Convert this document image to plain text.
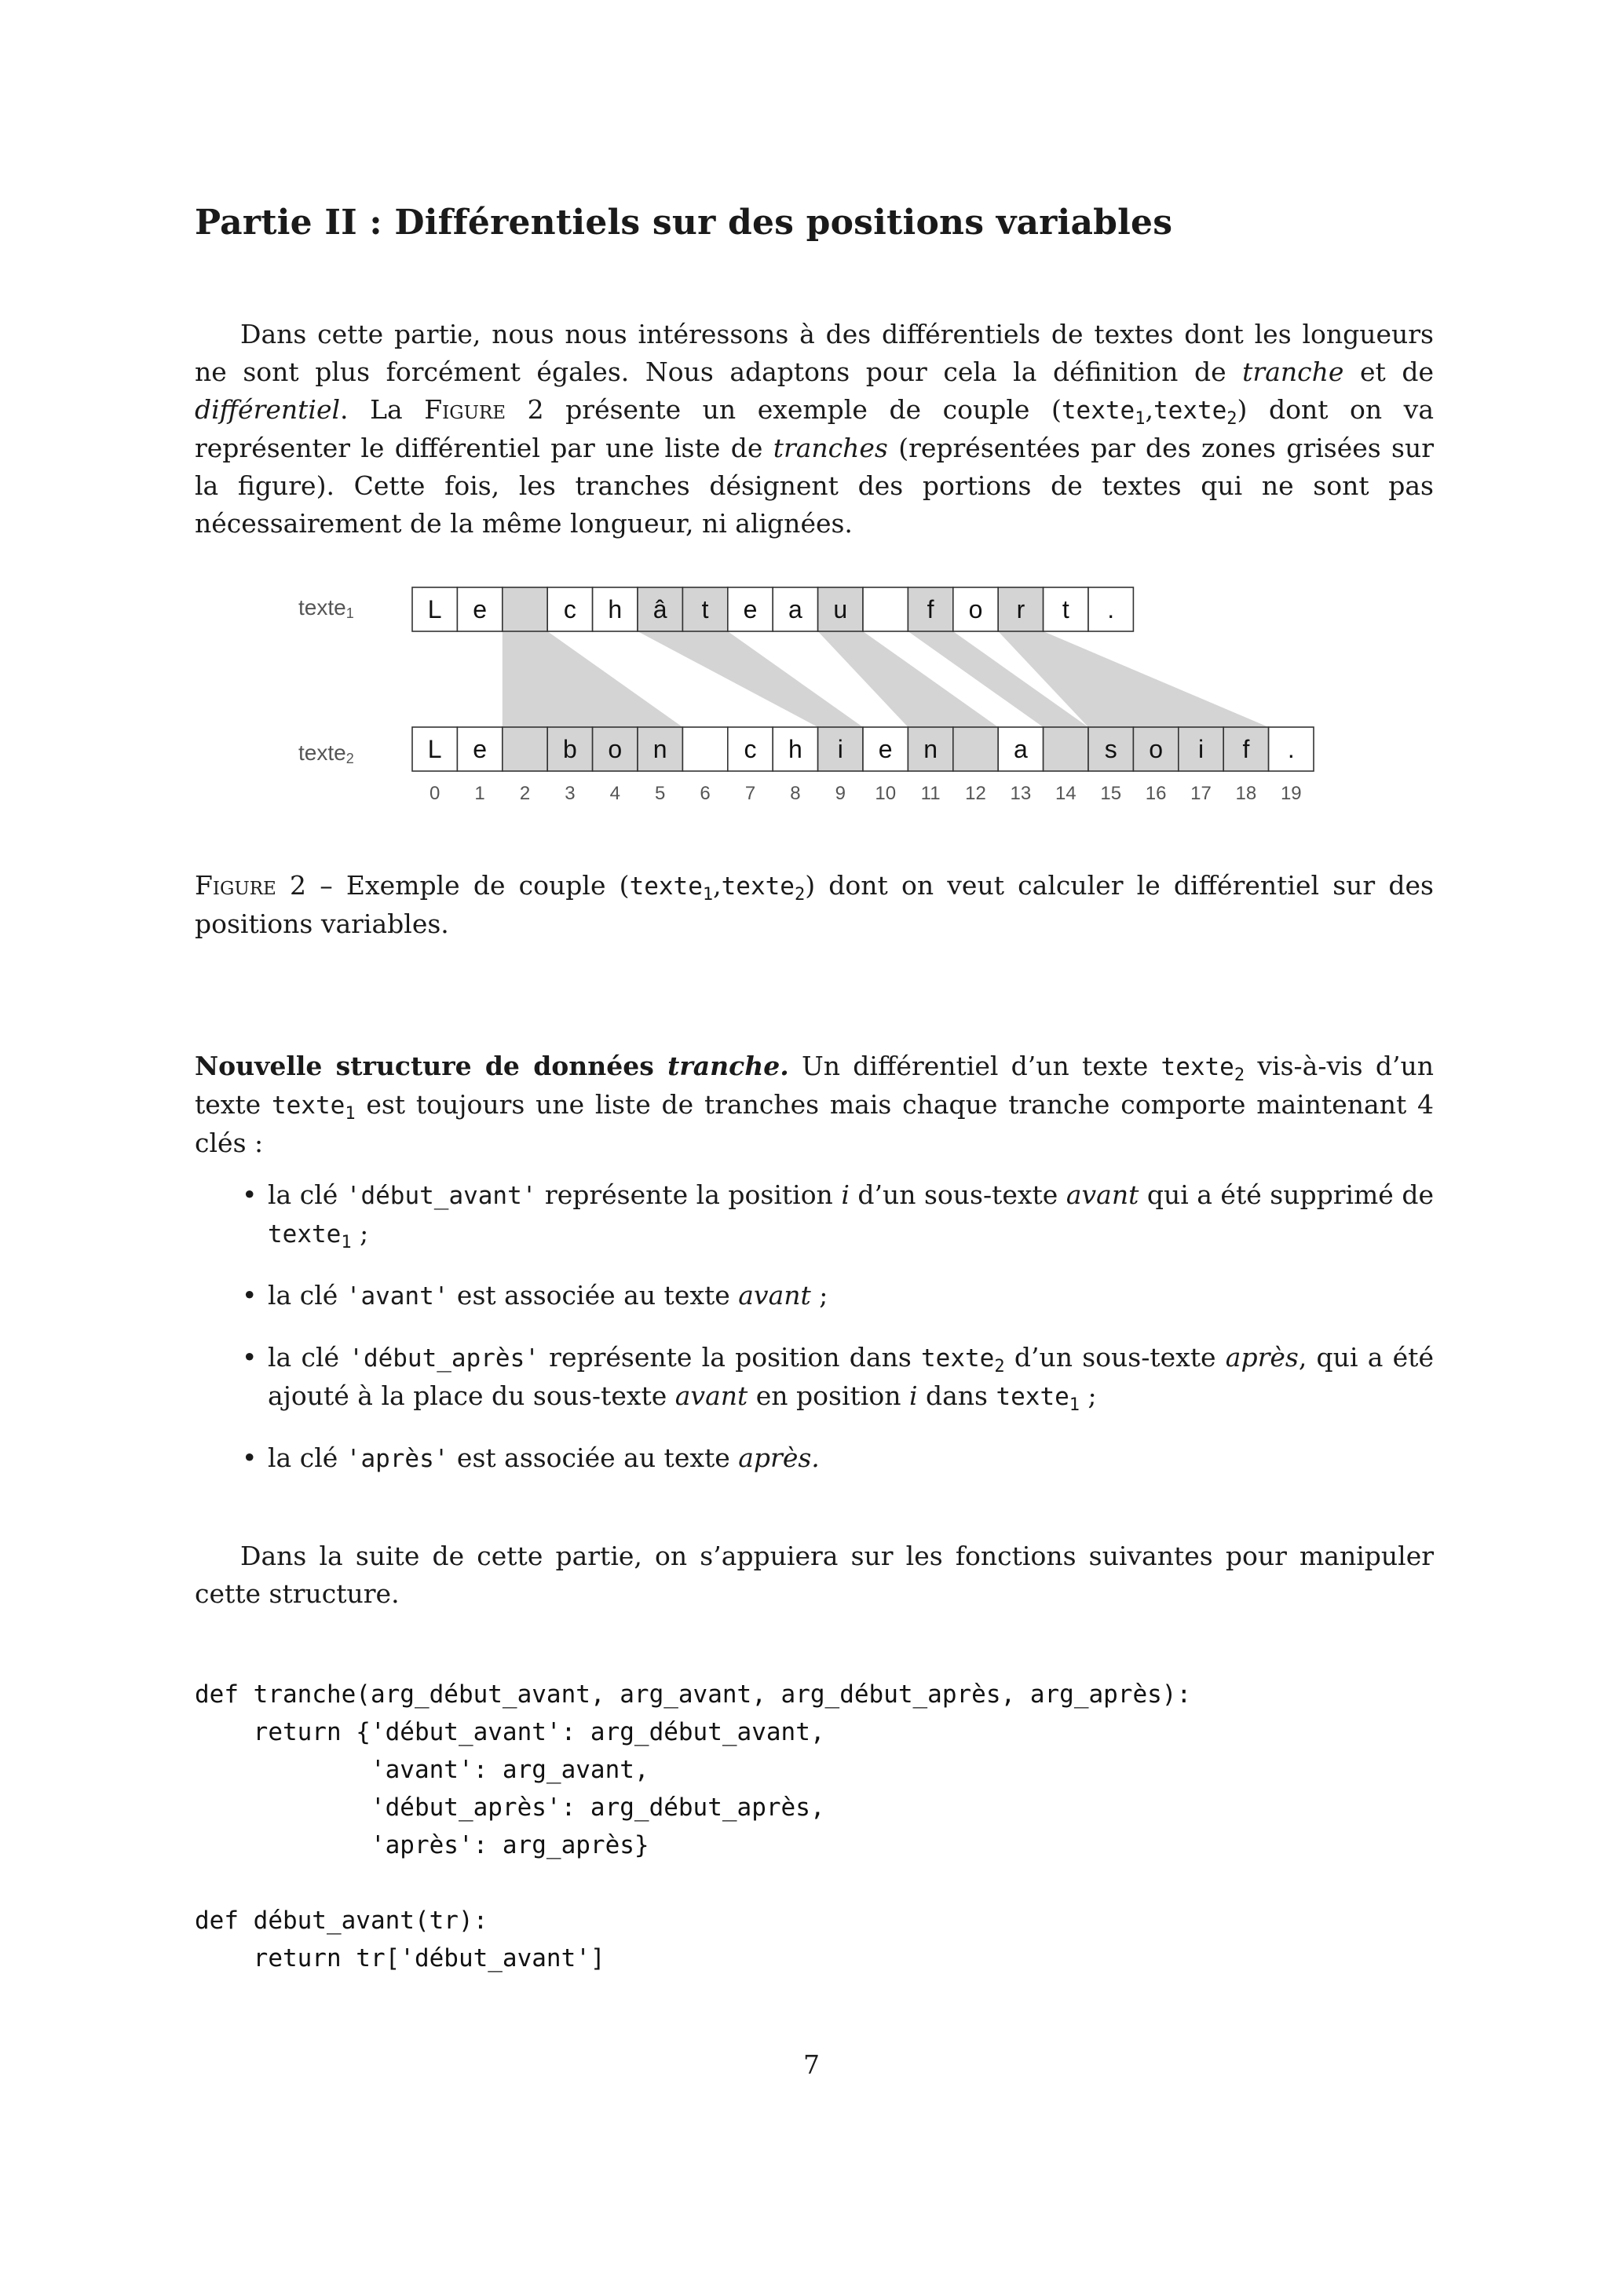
Partie II : Différentiels sur des positions variables

Dans cette partie, nous nous intéressons à des différentiels de textes dont les longueurs ne sont plus forcément égales. Nous adaptons pour cela la définition de tranche et de différentiel. La Figure 2 présente un exemple de couple (texte$_1$,texte$_2$) dont on va représenter le différentiel par une liste de tranches (représentées par des zones grisées sur la figure). Cette fois, les tranches désignent des portions de textes qui ne sont pas nécessairement de la même longueur, ni alignées.

L e	c h â t e a u	f o r t .
L e	b o n	c h i e n	a	s o i f .
0 1 2 3 4 5 6 7 8 9 10 11 12 13 14 15 16 17 18 19
texte1
texte2

Figure 2 – Exemple de couple (texte$_1$,texte$_2$) dont on veut calculer le différentiel sur des positions variables.

Nouvelle structure de données tranche. Un différentiel d’un texte texte$_2$ vis-à-vis d’un texte texte$_1$ est toujours une liste de tranches mais chaque tranche comporte maintenant 4 clés :

• la clé 'début_avant' représente la position i d’un sous-texte avant qui a été supprimé de texte$_1$ ;
• la clé 'avant' est associée au texte avant ;
• la clé 'début_après' représente la position dans texte$_2$ d’un sous-texte après, qui a été ajouté à la place du sous-texte avant en position i dans texte$_1$ ;
• la clé 'après' est associée au texte après.

Dans la suite de cette partie, on s’appuiera sur les fonctions suivantes pour manipuler cette structure.

def tranche(arg_début_avant, arg_avant, arg_début_après, arg_après):
return {'début_avant': arg_début_avant,
'avant': arg_avant,
'début_après': arg_début_après,
'après': arg_après}
def début_avant(tr):
return tr['début_avant']
7
